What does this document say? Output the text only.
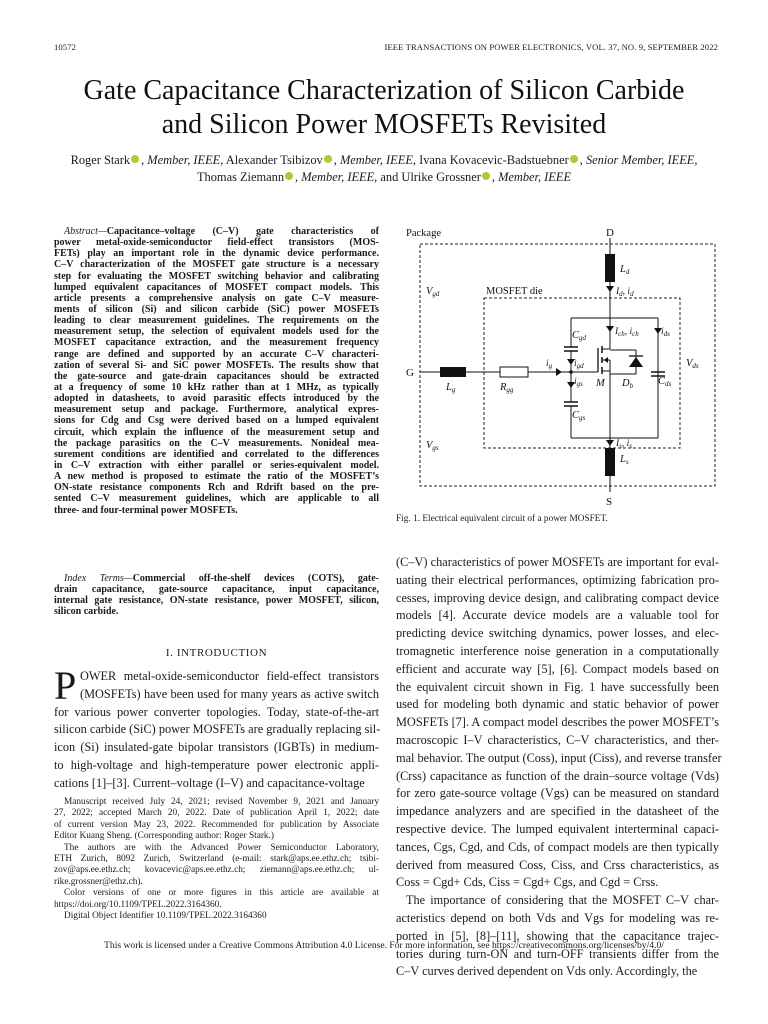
10572	IEEE TRANSACTIONS ON POWER ELECTRONICS, VOL. 37, NO. 9, SEPTEMBER 2022
Gate Capacitance Characterization of Silicon Carbide
and Silicon Power MOSFETs Revisited
Roger Stark , Member, IEEE, Alexander Tsibizov , Member, IEEE, Ivana Kovacevic-Badstuebner , Senior Member, IEEE,
Thomas Ziemann , Member, IEEE, and Ulrike Grossner , Member, IEEE
Abstract—Capacitance–voltage (C–V) gate characteristics of
power metal-oxide-semiconductor field-effect transistors (MOS-
FETs) play an important role in the dynamic device performance.
C–V characterization of the MOSFET gate structure is a necessary
step for evaluating the MOSFET switching behavior and calibrating
lumped equivalent capacitances of MOSFET compact models. This
article presents a comprehensive analysis on gate C–V measure-
ments of silicon (Si) and silicon carbide (SiC) power MOSFETs
leading to clear measurement guidelines. The requirements on the
measurement setup, the selection of equivalent models used for the
MOSFET capacitance extraction, and the measurement frequency
range are defined and supported by an accurate C–V characteri-
zation of several Si- and SiC power MOSFETs. The results show that
the gate-source and gate-drain capacitances should be extracted
at a frequency of some 10 kHz rather than at 1 MHz, as typically
adopted in datasheets, to avoid parasitic effects introduced by the
measurement setup and package. Furthermore, analytical expres-
sions for Cdg and Csg were derived based on a lumped equivalent
circuit, which explain the influence of the measurement setup and
the package parasitics on the C–V measurements. Nonideal mea-
surement conditions are identified and correlated to the differences
in C–V extraction with either parallel or series-equivalent model.
A new method is proposed to estimate the ratio of the MOSFET’s
ON-state resistance components Rch and Rdrift based on the pre-
sented C–V measurement guidelines, which are applicable to all
three- and four-terminal power MOSFETs.
Index Terms—Commercial off-the-shelf devices (COTS), gate-
drain capacitance, gate-source capacitance, input capacitance,
internal gate resistance, ON-state resistance, power MOSFET, silicon,
silicon carbide.
I. INTRODUCTION
P OWER metal-oxide-semiconductor field-effect transistors
(MOSFETs) have been used for many years as active switch
for various power converter topologies. Today, state-of-the-art
silicon carbide (SiC) power MOSFETs are gradually replacing sil-
icon (Si) insulated-gate bipolar transistors (IGBTs) in medium-
to high-voltage and high-temperature power electronic appli-
cations [1]–[3]. Current–voltage (I–V) and capacitance-voltage
Manuscript received July 24, 2021; revised November 9, 2021 and January
27, 2022; accepted March 20, 2022. Date of publication April 1, 2022; date
of current version May 23, 2022. Recommended for publication by Associate
Editor Kuang Sheng. (Corresponding author: Roger Stark.)
The authors are with the Advanced Power Semiconductor Laboratory,
ETH Zurich, 8092 Zurich, Switzerland (e-mail: stark@aps.ee.ethz.ch; tsibi-
zov@aps.ee.ethz.ch; kovacevic@aps.ee.ethz.ch; ziemann@aps.ee.ethz.ch; ul-
rike.grossner@ethz.ch).
Color versions of one or more figures in this article are available at
https://doi.org/10.1109/TPEL.2022.3164360.
Digital Object Identifier 10.1109/TPEL.2022.3164360
Package	D
G
S
MOSFET die
Ld
Lg	Rgg
Ls
Vgd
Vgs
Vds
Cgd
Cgs
Cds
M Db
$I_d$, $i_d$
$I_{ch}$, $i_{ch}$ $i_{ds}$
$i_g$ $i_{gd}$
$i_{gs}$
$I_s$, $i_s$
Fig. 1. Electrical equivalent circuit of a power MOSFET.
(C–V) characteristics of power MOSFETs are important for eval-
uating their electrical performances, optimizing fabrication pro-
cesses, improving device design, and calibrating compact device
models [4]. Accurate device models are a valuable tool for
predicting device switching dynamics, power losses, and elec-
tromagnetic interference noise generation in a computationally
efficient and accurate way [5], [6]. Compact models based on
the equivalent circuit shown in Fig. 1 have successfully been
used for modeling both dynamic and static behavior of power
MOSFETs [7]. A compact model describes the power MOSFET’s
macroscopic I–V characteristics, C–V characteristics, and ther-
mal behavior. The output (Coss), input (Ciss), and reverse transfer
(Crss) capacitance as function of the drain–source voltage (Vds)
for zero gate-source voltage (Vgs) can be measured on standard
impedance analyzers and are specified in the datasheet of the
respective device. The lumped equivalent interterminal capaci-
tances, Cgs, Cgd, and Cds, of compact models are then typically
derived from measured Coss, Ciss, and Crss characteristics, as
Coss = Cgd+ Cds, Ciss = Cgd+ Cgs, and Cgd = Crss.
The importance of considering that the MOSFET C–V char-
acteristics depend on both Vds and Vgs for modeling was re-
ported in [5], [8]–[11], showing that the capacitance trajec-
tories during turn-ON and turn-OFF transients differ from the
C–V curves derived dependent on Vds only. Accordingly, the
This work is licensed under a Creative Commons Attribution 4.0 License. For more information, see https://creativecommons.org/licenses/by/4.0/
